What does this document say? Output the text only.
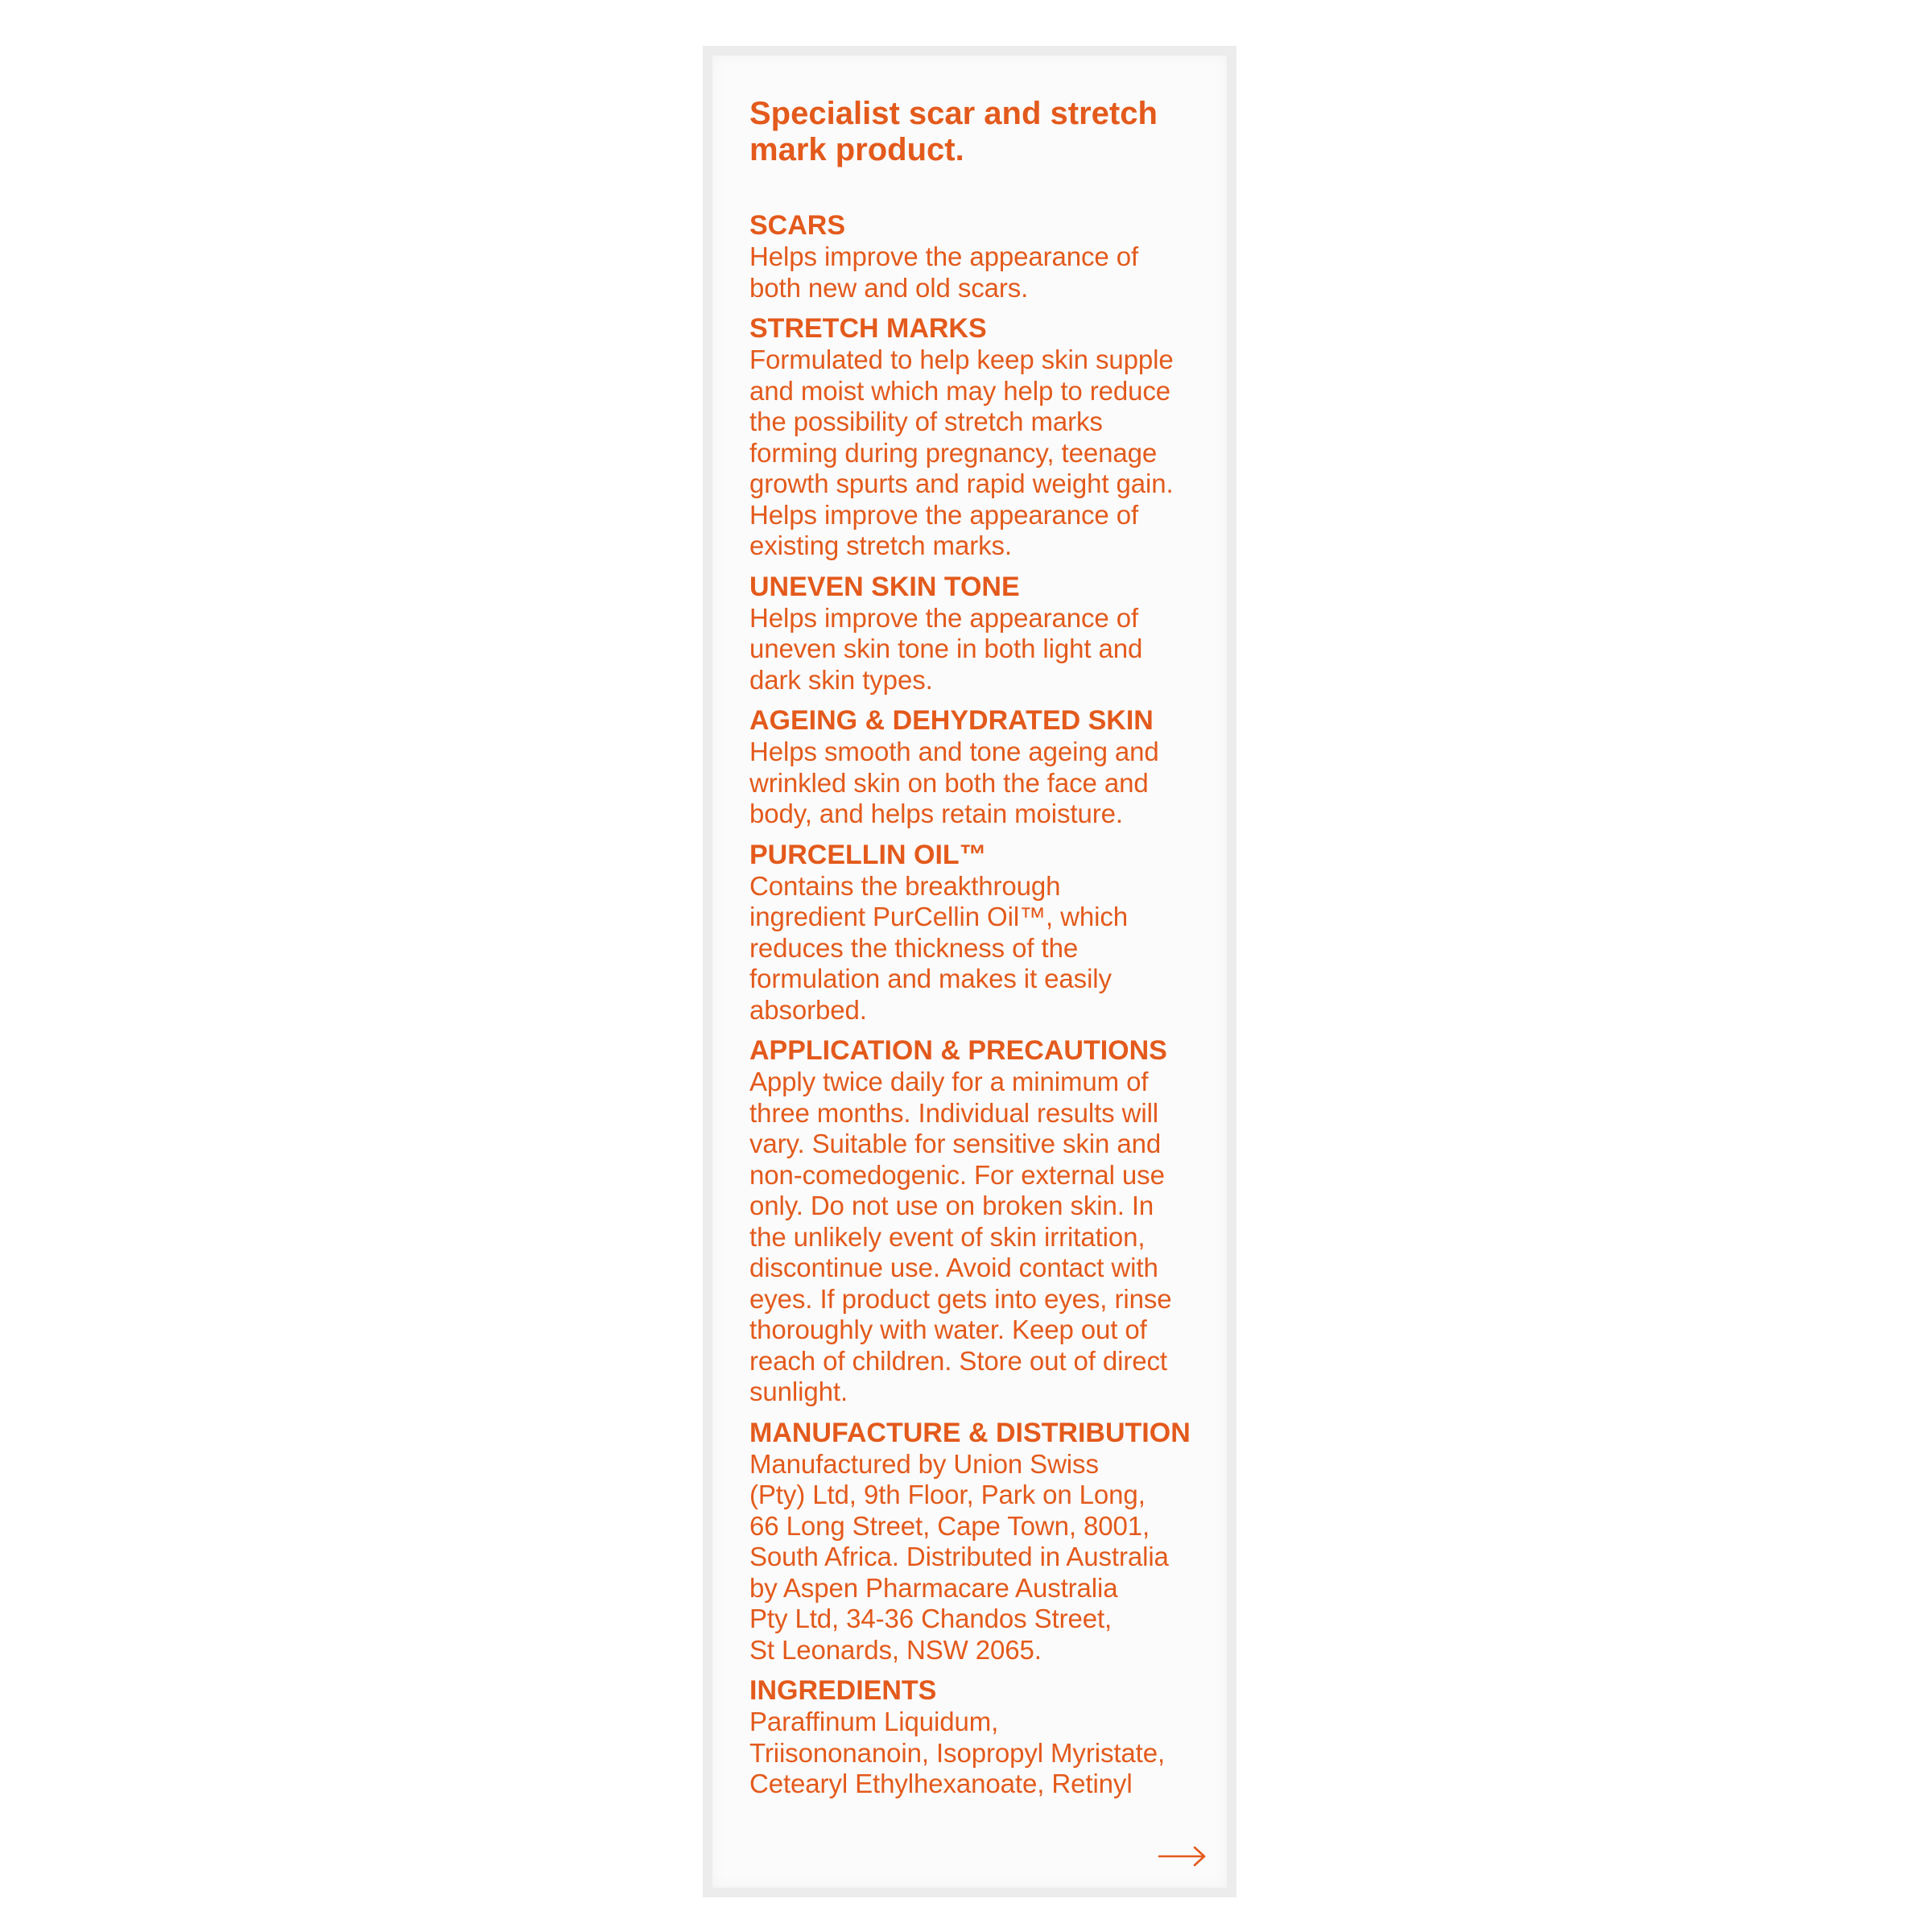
Specialist scar and stretch
mark product.
SCARS

Helps improve the appearance of
both new and old scars.

STRETCH MARKS

Formulated to help keep skin supple
and moist which may help to reduce
the possibility of stretch marks
forming during pregnancy, teenage
growth spurts and rapid weight gain.
Helps improve the appearance of
existing stretch marks.

UNEVEN SKIN TONE

Helps improve the appearance of
uneven skin tone in both light and
dark skin types.

AGEING & DEHYDRATED SKIN

Helps smooth and tone ageing and
wrinkled skin on both the face and
body, and helps retain moisture.

PURCELLIN OIL™

Contains the breakthrough
ingredient PurCellin Oil™, which
reduces the thickness of the
formulation and makes it easily
absorbed.

APPLICATION & PRECAUTIONS

Apply twice daily for a minimum of
three months. Individual results will
vary. Suitable for sensitive skin and
non-comedogenic. For external use
only. Do not use on broken skin. In
the unlikely event of skin irritation,
discontinue use. Avoid contact with
eyes. If product gets into eyes, rinse
thoroughly with water. Keep out of
reach of children. Store out of direct
sunlight.

MANUFACTURE & DISTRIBUTION

Manufactured by Union Swiss
(Pty) Ltd, 9th Floor, Park on Long,
66 Long Street, Cape Town, 8001,
South Africa. Distributed in Australia
by Aspen Pharmacare Australia
Pty Ltd, 34-36 Chandos Street,
St Leonards, NSW 2065.

INGREDIENTS

Paraffinum Liquidum,
Triisononanoin, Isopropyl Myristate,
Cetearyl Ethylhexanoate, Retinyl
